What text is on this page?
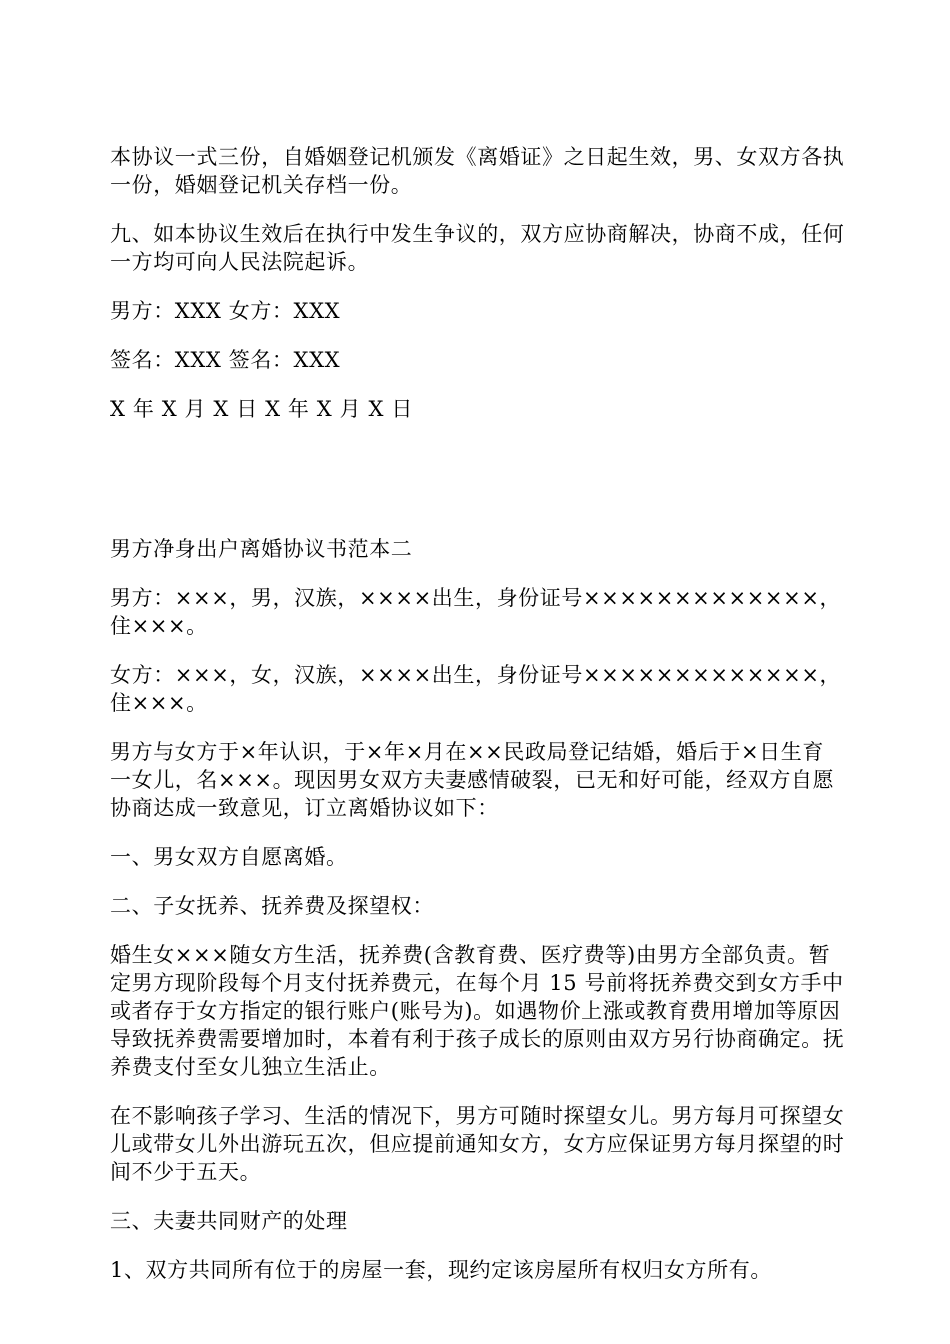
本协议一式三份，自婚姻登记机颁发《离婚证》之日起生效，男、女双方各执一份，婚姻登记机关存档一份。

九、如本协议生效后在执行中发生争议的，双方应协商解决，协商不成，任何一方均可向人民法院起诉。

男方：XXX 女方：XXX

签名：XXX 签名：XXX

X 年 X 月 X 日 X 年 X 月 X 日

男方净身出户离婚协议书范本二

男方：×××，男，汉族，××××出生，身份证号×××××××××××××，住×××。

女方：×××，女，汉族，××××出生，身份证号×××××××××××××，住×××。

男方与女方于×年认识，于×年×月在××民政局登记结婚，婚后于×日生育一女儿，名×××。现因男女双方夫妻感情破裂，已无和好可能，经双方自愿协商达成一致意见，订立离婚协议如下：

一、男女双方自愿离婚。

二、子女抚养、抚养费及探望权：

婚生女×××随女方生活，抚养费(含教育费、医疗费等)由男方全部负责。暂定男方现阶段每个月支付抚养费元，在每个月 15 号前将抚养费交到女方手中或者存于女方指定的银行账户(账号为)。如遇物价上涨或教育费用增加等原因导致抚养费需要增加时，本着有利于孩子成长的原则由双方另行协商确定。抚养费支付至女儿独立生活止。

在不影响孩子学习、生活的情况下，男方可随时探望女儿。男方每月可探望女儿或带女儿外出游玩五次，但应提前通知女方，女方应保证男方每月探望的时间不少于五天。

三、夫妻共同财产的处理

1、双方共同所有位于的房屋一套，现约定该房屋所有权归女方所有。
